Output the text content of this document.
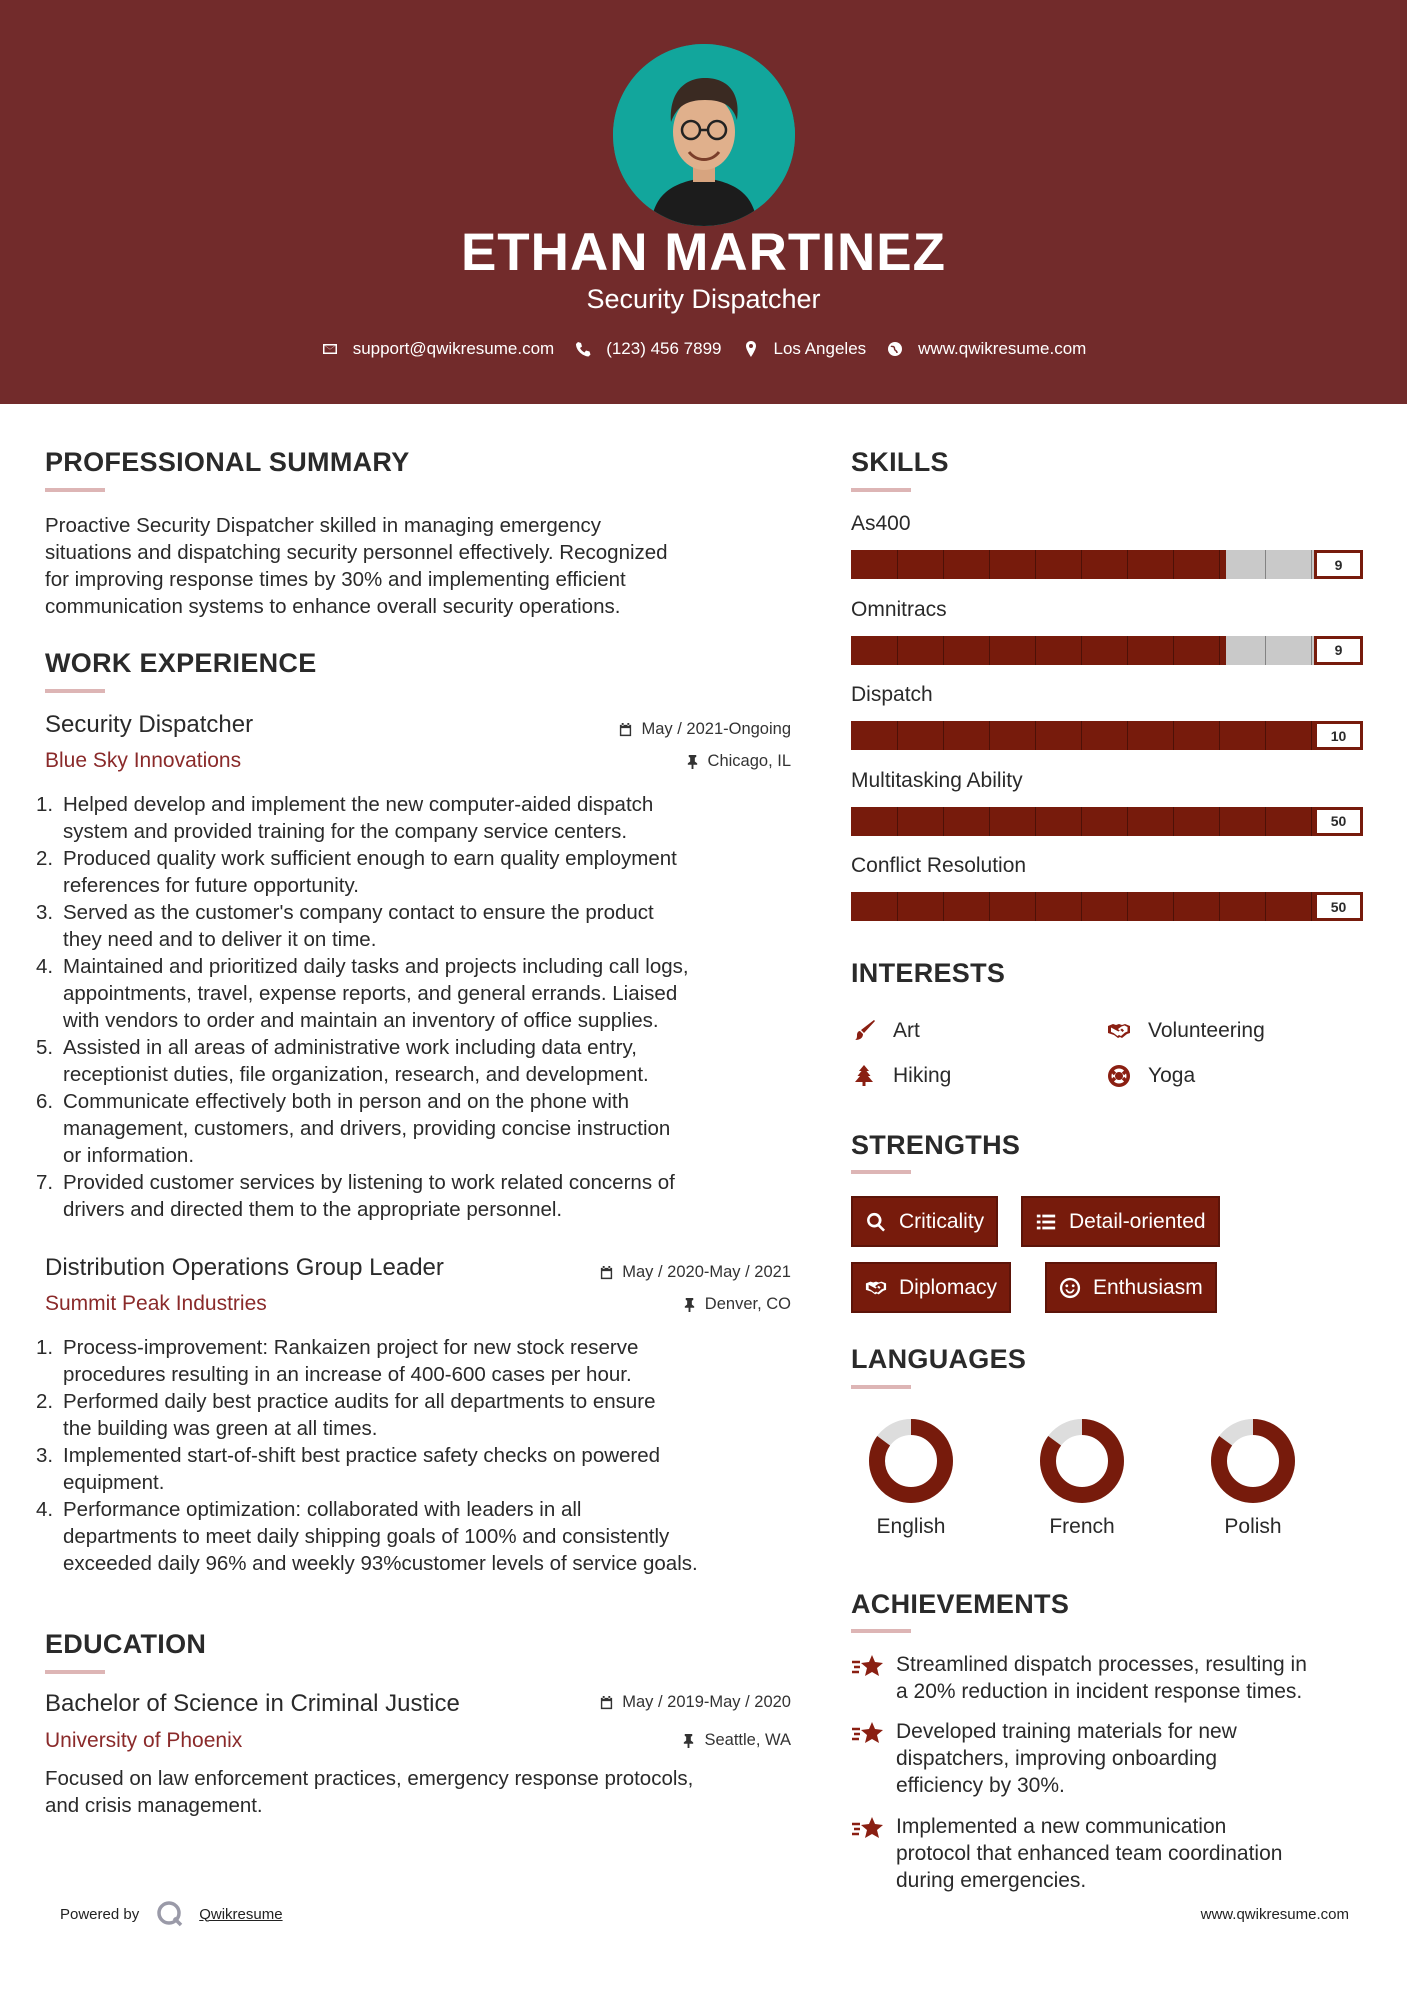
ETHAN MARTINEZ
Security Dispatcher
support@qwikresume.com	(123) 456 7899	Los Angeles	www.qwikresume.com
PROFESSIONAL SUMMARY
Proactive Security Dispatcher skilled in managing emergency
situations and dispatching security personnel effectively. Recognized
for improving response times by 30% and implementing efficient
communication systems to enhance overall security operations.
WORK EXPERIENCE
Security Dispatcher	May / 2021-Ongoing
Blue Sky Innovations	Chicago, IL
1. Helped develop and implement the new computer-aided dispatch
system and provided training for the company service centers.
2. Produced quality work sufficient enough to earn quality employment
references for future opportunity.
3. Served as the customer's company contact to ensure the product
they need and to deliver it on time.
4. Maintained and prioritized daily tasks and projects including call logs,
appointments, travel, expense reports, and general errands. Liaised
with vendors to order and maintain an inventory of office supplies.
5. Assisted in all areas of administrative work including data entry,
receptionist duties, file organization, research, and development.
6. Communicate effectively both in person and on the phone with
management, customers, and drivers, providing concise instruction
or information.
7. Provided customer services by listening to work related concerns of
drivers and directed them to the appropriate personnel.
Distribution Operations Group Leader	May / 2020-May / 2021
Summit Peak Industries	Denver, CO
1. Process-improvement: Rankaizen project for new stock reserve
procedures resulting in an increase of 400-600 cases per hour.
2. Performed daily best practice audits for all departments to ensure
the building was green at all times.
3. Implemented start-of-shift best practice safety checks on powered
equipment.
4. Performance optimization: collaborated with leaders in all
departments to meet daily shipping goals of 100% and consistently
exceeded daily 96% and weekly 93%customer levels of service goals.
EDUCATION
Bachelor of Science in Criminal Justice	May / 2019-May / 2020
University of Phoenix	Seattle, WA
Focused on law enforcement practices, emergency response protocols,
and crisis management.
SKILLS
As400
9
Omnitracs
9
Dispatch
10
Multitasking Ability
50
Conflict Resolution
50
INTERESTS
Art	Volunteering
Hiking	Yoga
STRENGTHS
Criticality	Detail-oriented
Diplomacy	Enthusiasm
LANGUAGES
English	French	Polish
ACHIEVEMENTS
Streamlined dispatch processes, resulting in
a 20% reduction in incident response times.
Developed training materials for new
dispatchers, improving onboarding
efficiency by 30%.
Implemented a new communication
protocol that enhanced team coordination
during emergencies.
Powered by	Qwikresume	www.qwikresume.com
